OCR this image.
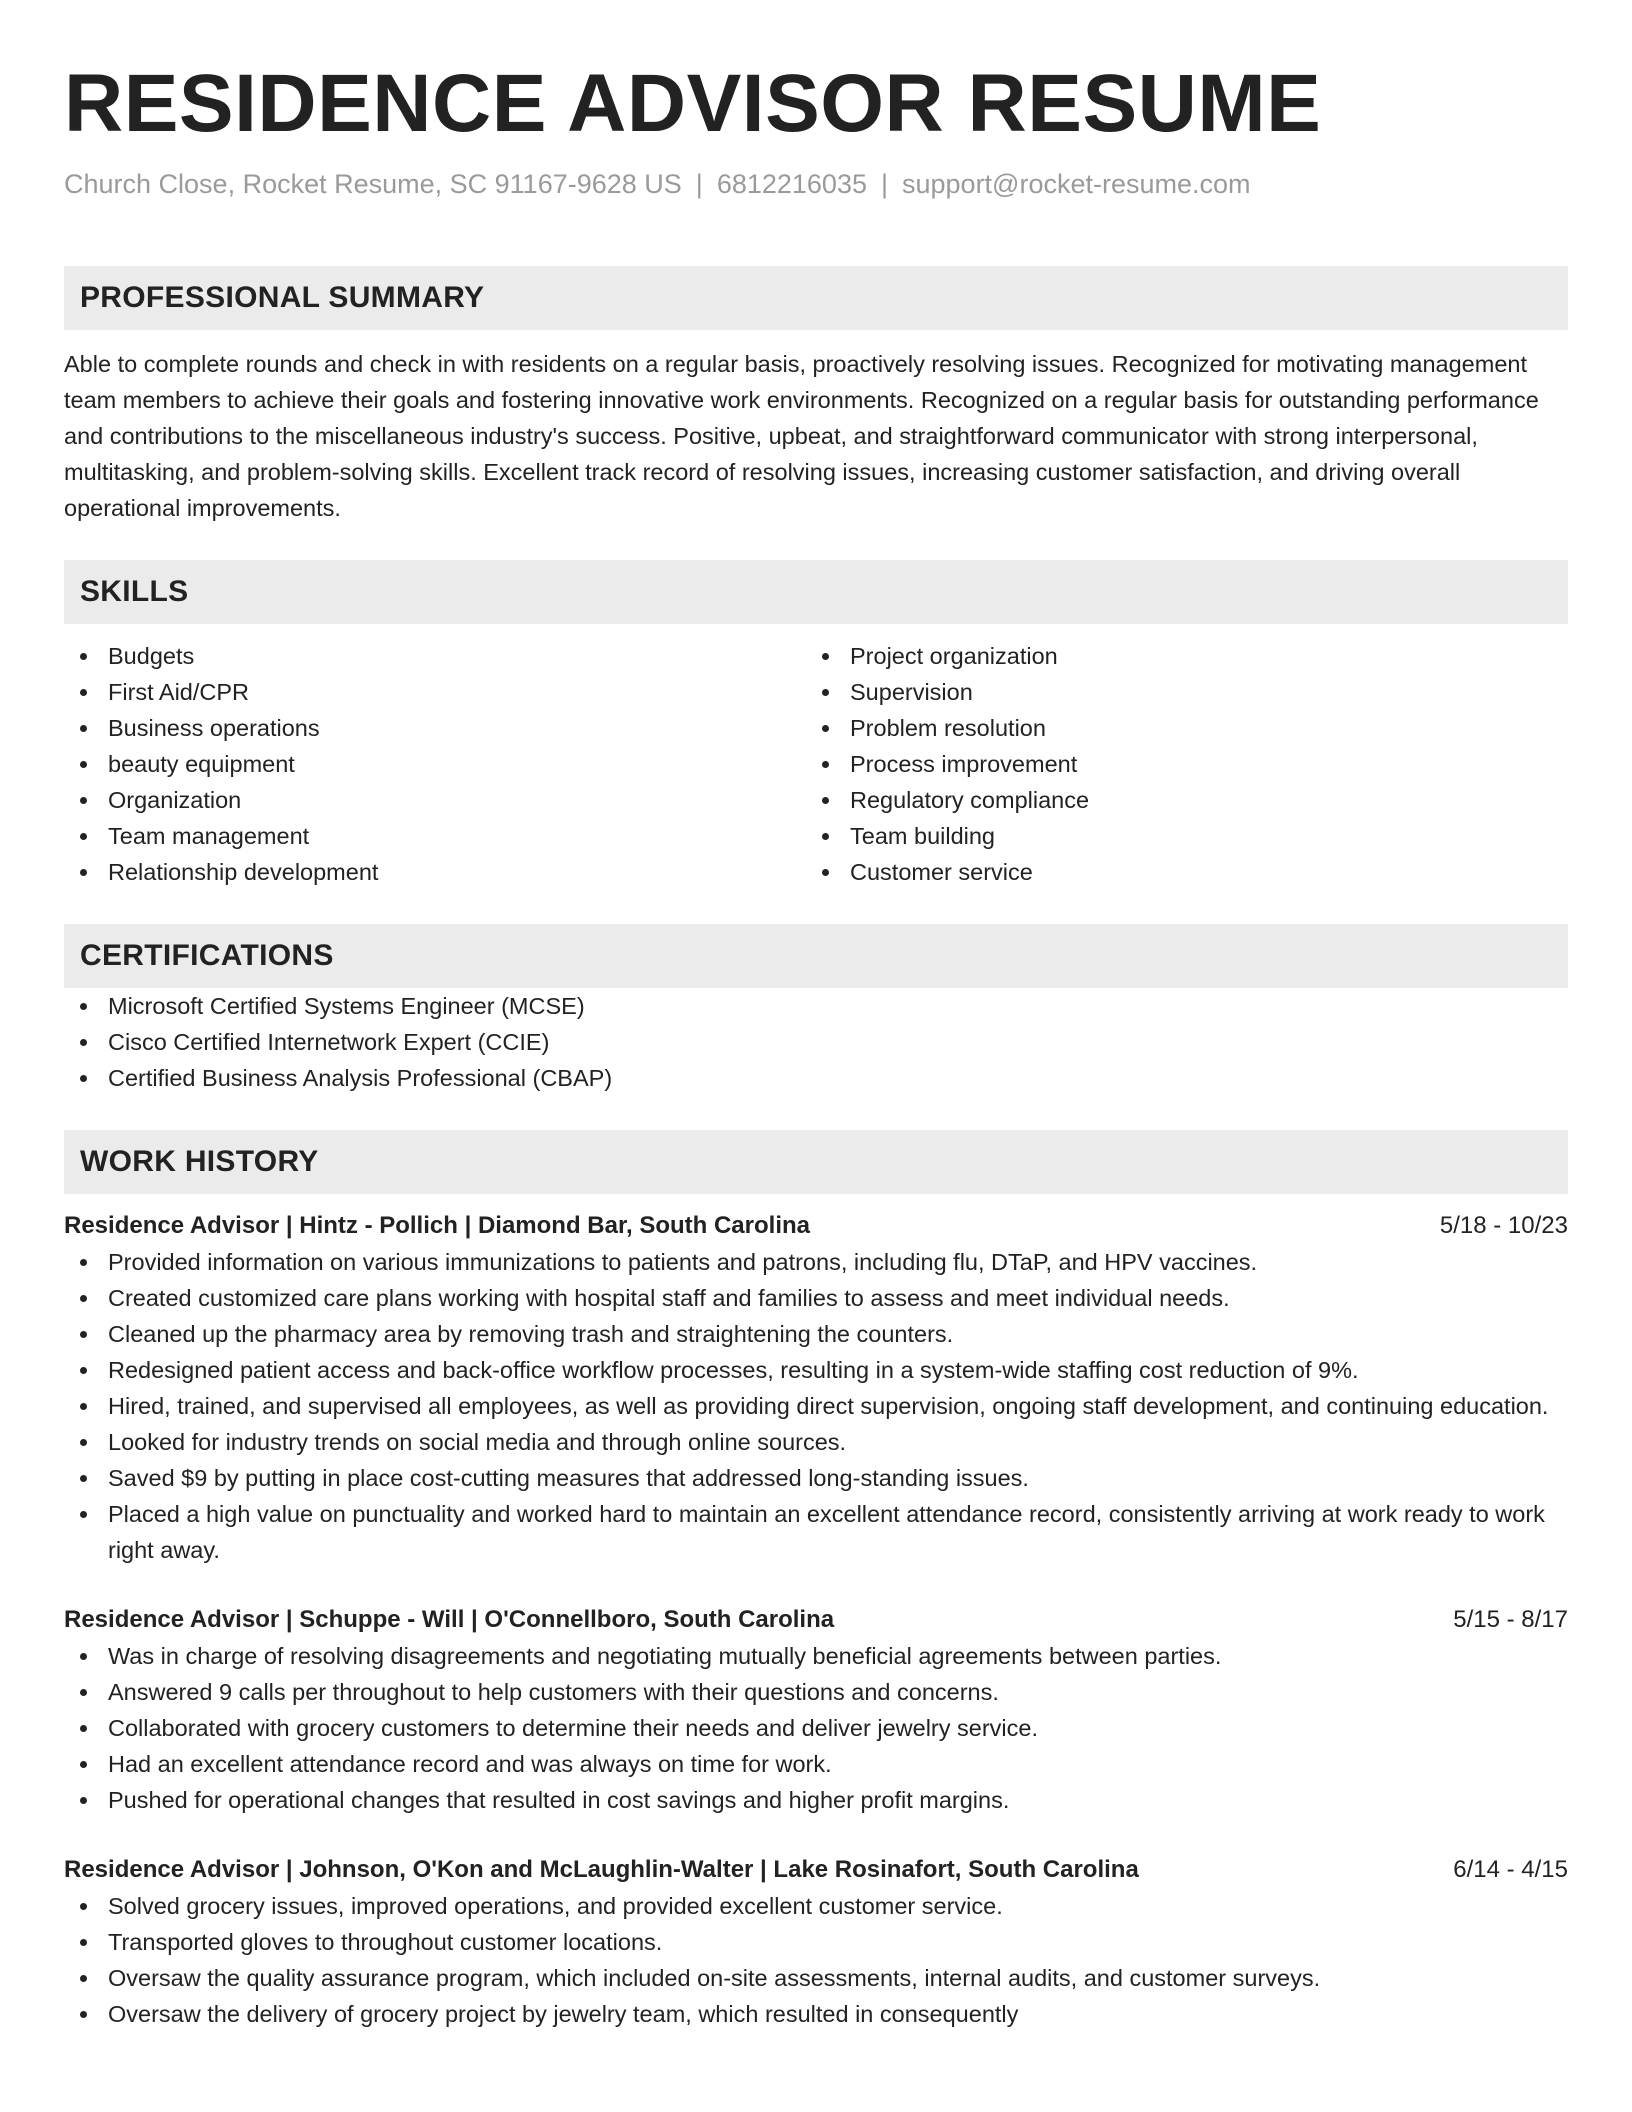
RESIDENCE ADVISOR RESUME
Church Close, Rocket Resume, SC 91167-9628 US | 6812216035 | support@rocket-resume.com
PROFESSIONAL SUMMARY
Able to complete rounds and check in with residents on a regular basis, proactively resolving issues. Recognized for motivating management team members to achieve their goals and fostering innovative work environments. Recognized on a regular basis for outstanding performance and contributions to the miscellaneous industry's success. Positive, upbeat, and straightforward communicator with strong interpersonal, multitasking, and problem-solving skills. Excellent track record of resolving issues, increasing customer satisfaction, and driving overall operational improvements.
SKILLS
Budgets
First Aid/CPR
Business operations
beauty equipment
Organization
Team management
Relationship development
Project organization
Supervision
Problem resolution
Process improvement
Regulatory compliance
Team building
Customer service
CERTIFICATIONS
Microsoft Certified Systems Engineer (MCSE)
Cisco Certified Internetwork Expert (CCIE)
Certified Business Analysis Professional (CBAP)
WORK HISTORY
Residence Advisor | Hintz - Pollich | Diamond Bar, South Carolina	5/18 - 10/23
Provided information on various immunizations to patients and patrons, including flu, DTaP, and HPV vaccines.
Created customized care plans working with hospital staff and families to assess and meet individual needs.
Cleaned up the pharmacy area by removing trash and straightening the counters.
Redesigned patient access and back-office workflow processes, resulting in a system-wide staffing cost reduction of 9%.
Hired, trained, and supervised all employees, as well as providing direct supervision, ongoing staff development, and continuing education.
Looked for industry trends on social media and through online sources.
Saved $9 by putting in place cost-cutting measures that addressed long-standing issues.
Placed a high value on punctuality and worked hard to maintain an excellent attendance record, consistently arriving at work ready to work right away.
Residence Advisor | Schuppe - Will | O'Connellboro, South Carolina	5/15 - 8/17
Was in charge of resolving disagreements and negotiating mutually beneficial agreements between parties.
Answered 9 calls per throughout to help customers with their questions and concerns.
Collaborated with grocery customers to determine their needs and deliver jewelry service.
Had an excellent attendance record and was always on time for work.
Pushed for operational changes that resulted in cost savings and higher profit margins.
Residence Advisor | Johnson, O'Kon and McLaughlin-Walter | Lake Rosinafort, South Carolina	6/14 - 4/15
Solved grocery issues, improved operations, and provided excellent customer service.
Transported gloves to throughout customer locations.
Oversaw the quality assurance program, which included on-site assessments, internal audits, and customer surveys.
Oversaw the delivery of grocery project by jewelry team, which resulted in consequently
